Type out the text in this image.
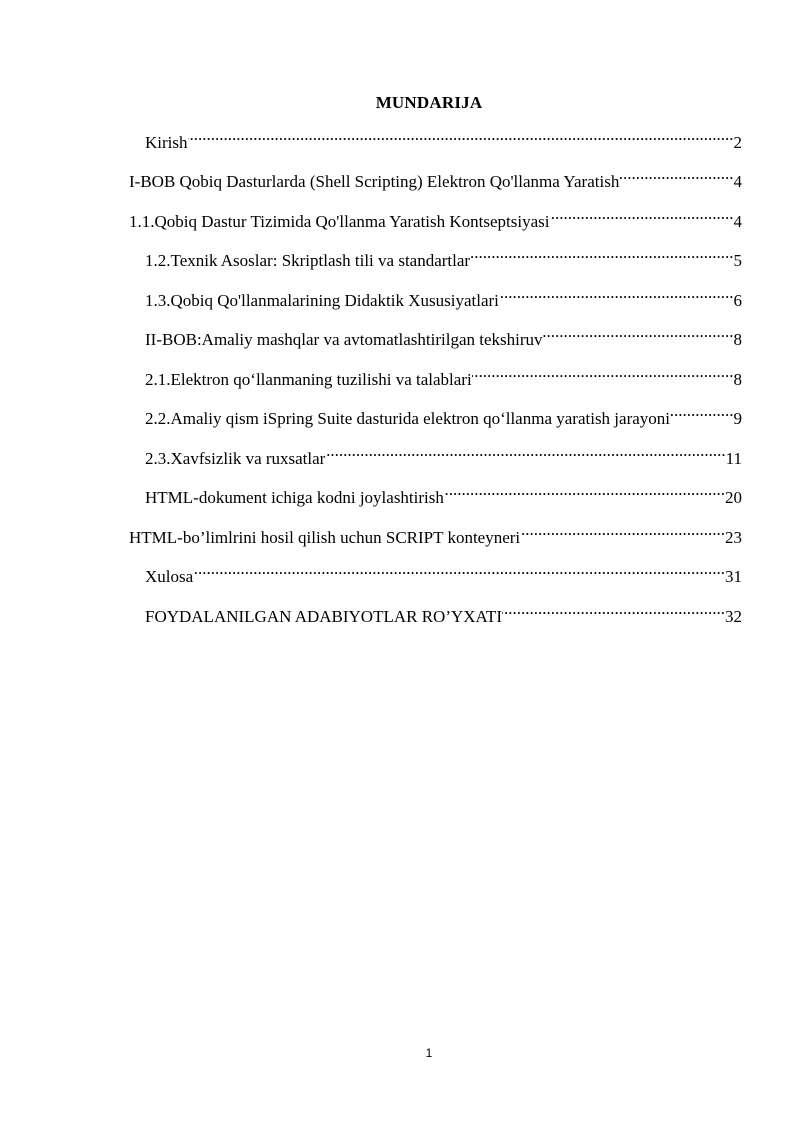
MUNDARIJA
Kirish .....	2
I-BOB Qobiq Dasturlarda (Shell Scripting) Elektron Qo'llanma Yaratish .....	4
1.1.Qobiq Dastur Tizimida Qo'llanma Yaratish Kontseptsiyasi .....	4
1.2.Texnik Asoslar: Skriptlash tili va standartlar .....	5
1.3.Qobiq Qo'llanmalarining Didaktik Xususiyatlari .....	6
II-BOB:Amaliy mashqlar va avtomatlashtirilgan tekshiruv .....	8
2.1.Elektron qo‘llanmaning tuzilishi va talablari .....	8
2.2.Amaliy qism iSpring Suite dasturida elektron qo‘llanma yaratish jarayoni .....	9
2.3.Xavfsizlik va ruxsatlar .....	11
HTML-dokument ichiga kodni joylashtirish .....	20
HTML-bo’limlrini hosil qilish uchun SCRIPT konteyneri .....	23
Xulosa .....	31
FOYDALANILGAN ADABIYOTLAR RO’YXATI .....	32
1
